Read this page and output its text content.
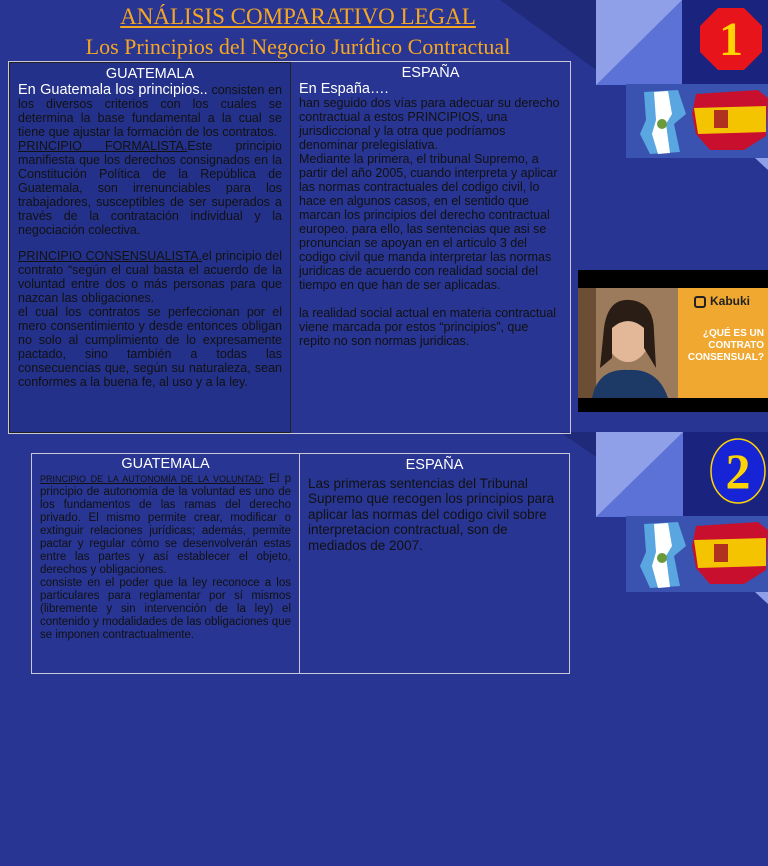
ANÁLISIS COMPARATIVO LEGAL
Los Principios del Negocio Jurídico Contractual	1
2
Kabuki
¿QUÉ ES UN CONTRATO CONSENSUAL?
GUATEMALA
En Guatemala los principios.. consisten en los diversos criterios con los cuales se determina la base fundamental a la cual se tiene que ajustar la formación de los contratos.
PRINCIPIO FORMALISTA.Este principio manifiesta que los derechos consignados en la Constitución Política de la República de Guatemala, son irrenunciables para los trabajadores, susceptibles de ser superados a través de la contratación individual y la negociación colectiva.
PRINCIPIO CONSENSUALISTA.el principio del contrato “según el cual basta el acuerdo de la voluntad entre dos o más personas para que nazcan las obligaciones.
el cual los contratos se perfeccionan por el mero consentimiento y desde entonces obligan no solo al cumplimiento de lo expresamente pactado, sino también a todas las consecuencias que, según su naturaleza, sean conformes a la buena fe, al uso y a la ley.
ESPAÑA
En España….
han seguido dos vías para adecuar su derecho contractual a estos PRINCIPIOS, una jurisdiccional y la otra que podríamos denominar prelegislativa.
Mediante la primera, el tribunal Supremo, a partir del año 2005, cuando interpreta y aplicar las normas contractuales del codigo civil, lo hace en algunos casos, en el sentido que marcan los principios del derecho contractual europeo. para ello, las sentencias que asi se pronuncian se apoyan en el articulo 3 del codigo civil que manda interpretar las normas juridicas de acuerdo con realidad social del tiempo en que han de ser aplicadas.
la realidad social actual en materia contractual viene marcada por estos “principios”, que repito no son normas juridicas.
GUATEMALA
PRINCIPIO DE LA AUTONOMÍA DE LA VOLUNTAD: El p principio de autonomía de la voluntad es uno de los fundamentos de las ramas del derecho privado. El mismo permite crear, modificar o extinguir relaciones jurídicas; además, permite pactar y regular cómo se desenvolverán estas entre las partes y así establecer el objeto, derechos y obligaciones.
consiste en el poder que la ley reconoce a los particulares para reglamentar por sí mismos (libremente y sin intervención de la ley) el contenido y modalidades de las obligaciones que se imponen contractualmente.
ESPAÑA
Las primeras sentencias del Tribunal Supremo que recogen los principios para aplicar las normas del codigo civil sobre interpretacion contractual, son de mediados de 2007.
